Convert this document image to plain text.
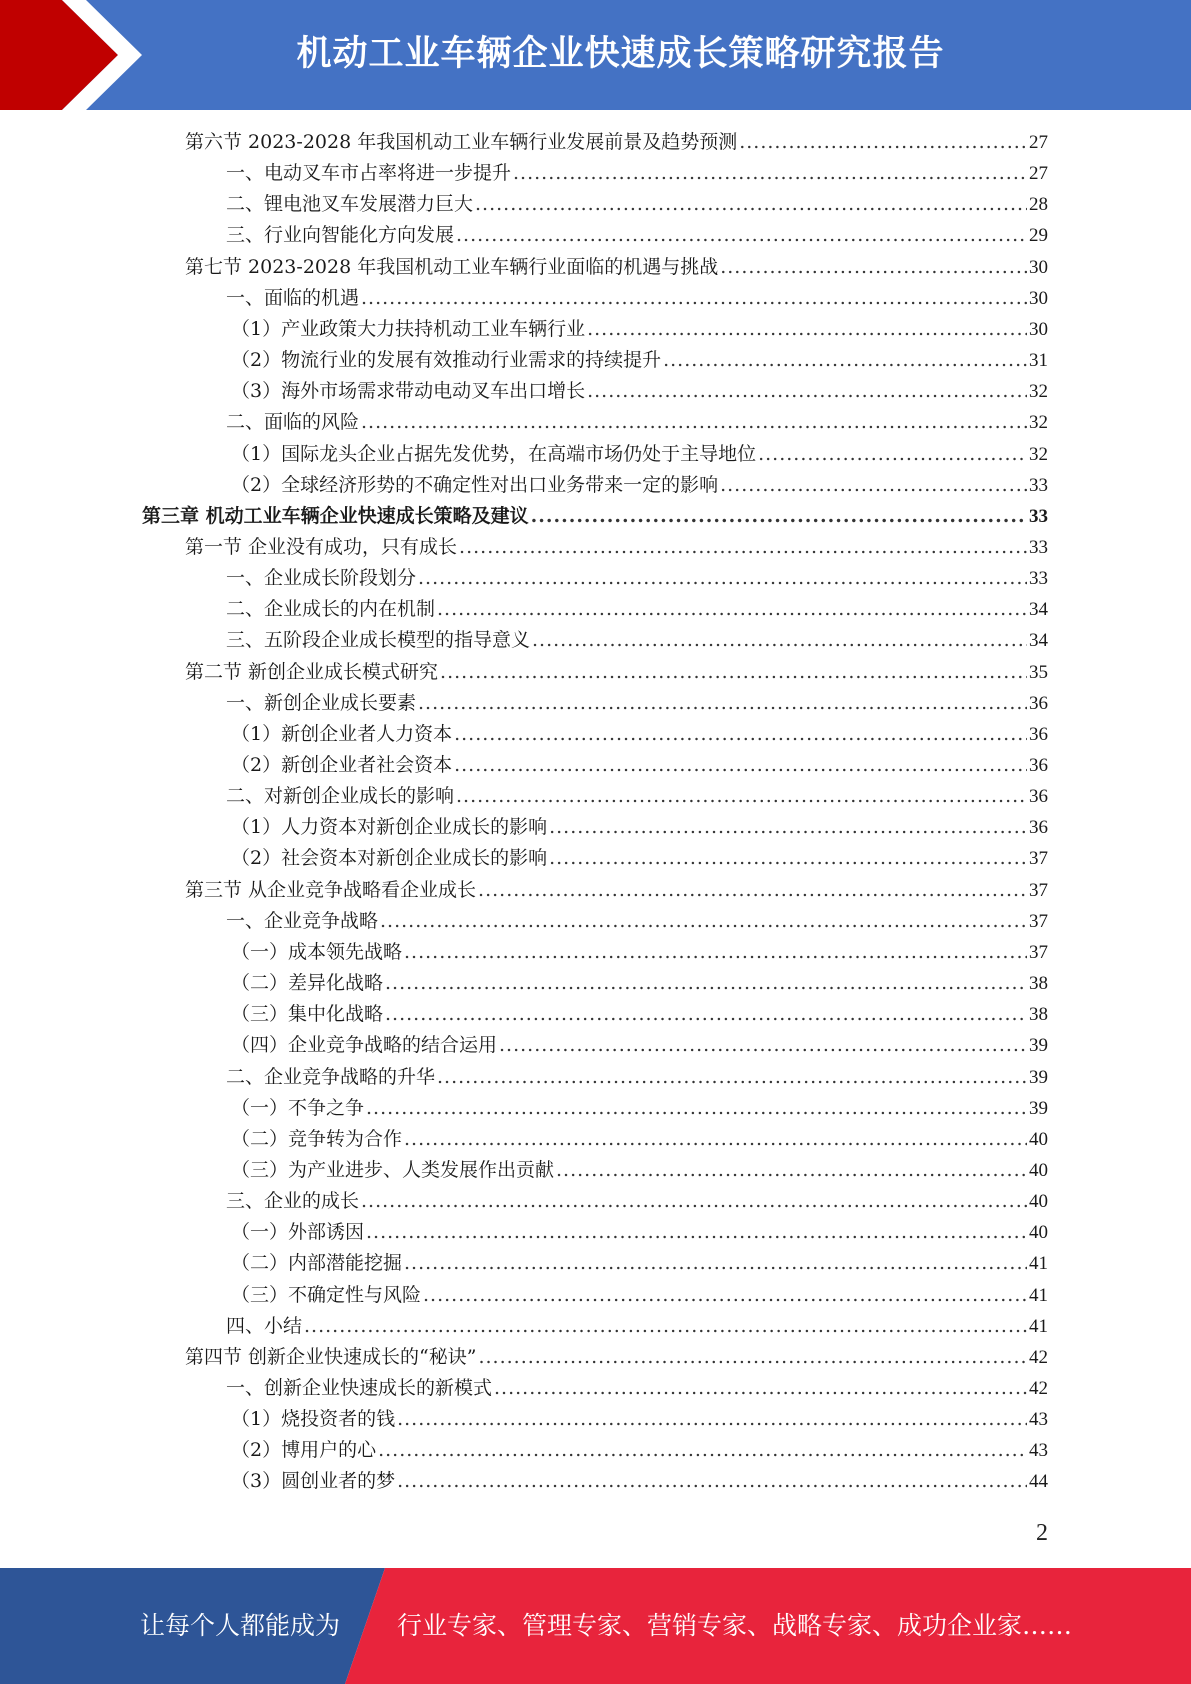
机动工业车辆企业快速成长策略研究报告
第六节 2023-2028 年我国机动工业车辆行业发展前景及趋势预测 .....	27
一、电动叉车市占率将进一步提升 .....	27
二、锂电池叉车发展潜力巨大 .....	28
三、行业向智能化方向发展 .....	29
第七节 2023-2028 年我国机动工业车辆行业面临的机遇与挑战 .....	30
一、面临的机遇 .....	30
（1）产业政策大力扶持机动工业车辆行业 .....	30
（2）物流行业的发展有效推动行业需求的持续提升 .....	31
（3）海外市场需求带动电动叉车出口增长 .....	32
二、面临的风险 .....	32
（1）国际龙头企业占据先发优势，在高端市场仍处于主导地位 .....	32
（2）全球经济形势的不确定性对出口业务带来一定的影响 .....	33
第三章 机动工业车辆企业快速成长策略及建议 .....	33
第一节 企业没有成功，只有成长 .....	33
一、企业成长阶段划分 .....	33
二、企业成长的内在机制 .....	34
三、五阶段企业成长模型的指导意义 .....	34
第二节 新创企业成长模式研究 .....	35
一、新创企业成长要素 .....	36
（1）新创企业者人力资本 .....	36
（2）新创企业者社会资本 .....	36
二、对新创企业成长的影响 .....	36
（1）人力资本对新创企业成长的影响 .....	36
（2）社会资本对新创企业成长的影响 .....	37
第三节 从企业竞争战略看企业成长 .....	37
一、企业竞争战略 .....	37
（一）成本领先战略 .....	37
（二）差异化战略 .....	38
（三）集中化战略 .....	38
（四）企业竞争战略的结合运用 .....	39
二、企业竞争战略的升华 .....	39
（一）不争之争 .....	39
（二）竞争转为合作 .....	40
（三）为产业进步、人类发展作出贡献 .....	40
三、企业的成长 .....	40
（一）外部诱因 .....	40
（二）内部潜能挖掘 .....	41
（三）不确定性与风险 .....	41
四、小结 .....	41
第四节 创新企业快速成长的“秘诀” .....	42
一、创新企业快速成长的新模式 .....	42
（1）烧投资者的钱 .....	43
（2）博用户的心 .....	43
（3）圆创业者的梦 .....	44
2
让每个人都能成为 行业专家、管理专家、营销专家、战略专家、成功企业家……
